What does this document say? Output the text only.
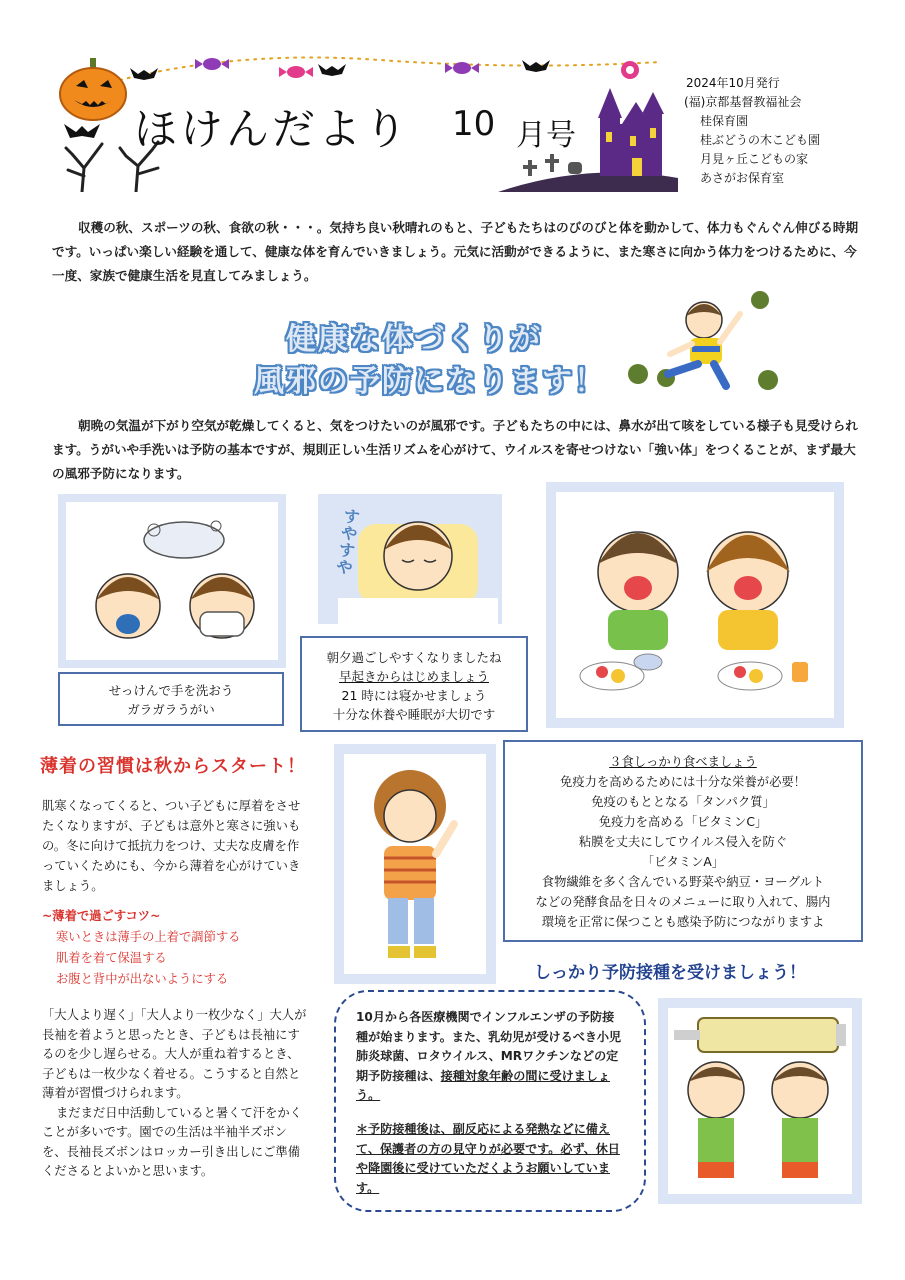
ほけんだより 10 月号
2024年10月発行
(福)京都基督教福祉会
桂保育園
桂ぶどうの木こども園
月見ヶ丘こどもの家
あさがお保育室

収穫の秋、スポーツの秋、食欲の秋・・・。気持ち良い秋晴れのもと、子どもたちはのびのびと体を動かして、体力もぐんぐん伸びる時期です。いっぱい楽しい経験を通して、健康な体を育んでいきましょう。元気に活動ができるように、また寒さに向かう体力をつけるために、今一度、家族で健康生活を見直してみましょう。

健康な体づくりが
風邪の予防になります！

朝晩の気温が下がり空気が乾燥してくると、気をつけたいのが風邪です。子どもたちの中には、鼻水が出て咳をしている様子も見受けられます。うがいや手洗いは予防の基本ですが、規則正しい生活リズムを心がけて、ウイルスを寄せつけない「強い体」をつくることが、まず最大の風邪予防になります。

すやすや
せっけんで手を洗おう
ガラガラうがい
朝夕過ごしやすくなりましたね
早起きからはじめましょう
21 時には寝かせましょう
十分な休養や睡眠が大切です
３食しっかり食べましょう
免疫力を高めるためには十分な栄養が必要！
免疫のもととなる「タンパク質」
免疫力を高める「ビタミンC」
粘膜を丈夫にしてウイルス侵入を防ぐ
「ビタミンA」
食物繊維を多く含んでいる野菜や納豆・ヨーグルト
などの発酵食品を日々のメニューに取り入れて、腸内
環境を正常に保つことも感染予防につながりますよ
薄着の習慣は秋からスタート！

肌寒くなってくると、つい子どもに厚着をさせたくなりますが、子どもは意外と寒さに強いもの。冬に向けて抵抗力をつけ、丈夫な皮膚を作っていくためにも、今から薄着を心がけていきましょう。

~薄着で過ごすコツ~
寒いときは薄手の上着で調節する
肌着を着て保温する
お腹と背中が出ないようにする

「大人より遅く」「大人より一枚少なく」大人が長袖を着ようと思ったとき、子どもは長袖にするのを少し遅らせる。大人が重ね着するとき、子どもは一枚少なく着せる。こうすると自然と薄着が習慣づけられます。

まだまだ日中活動していると暑くて汗をかくことが多いです。園での生活は半袖半ズボンを、長袖長ズボンはロッカー引き出しにご準備くださるとよいかと思います。

しっかり予防接種を受けましょう！

10月から各医療機関でインフルエンザの予防接種が始まります。また、乳幼児が受けるべき小児肺炎球菌、ロタウイルス、MRワクチンなどの定期予防接種は、接種対象年齢の間に受けましょう。

＊予防接種後は、副反応による発熱などに備えて、保護者の方の見守りが必要です。必ず、休日や降園後に受けていただくようお願いしています。
